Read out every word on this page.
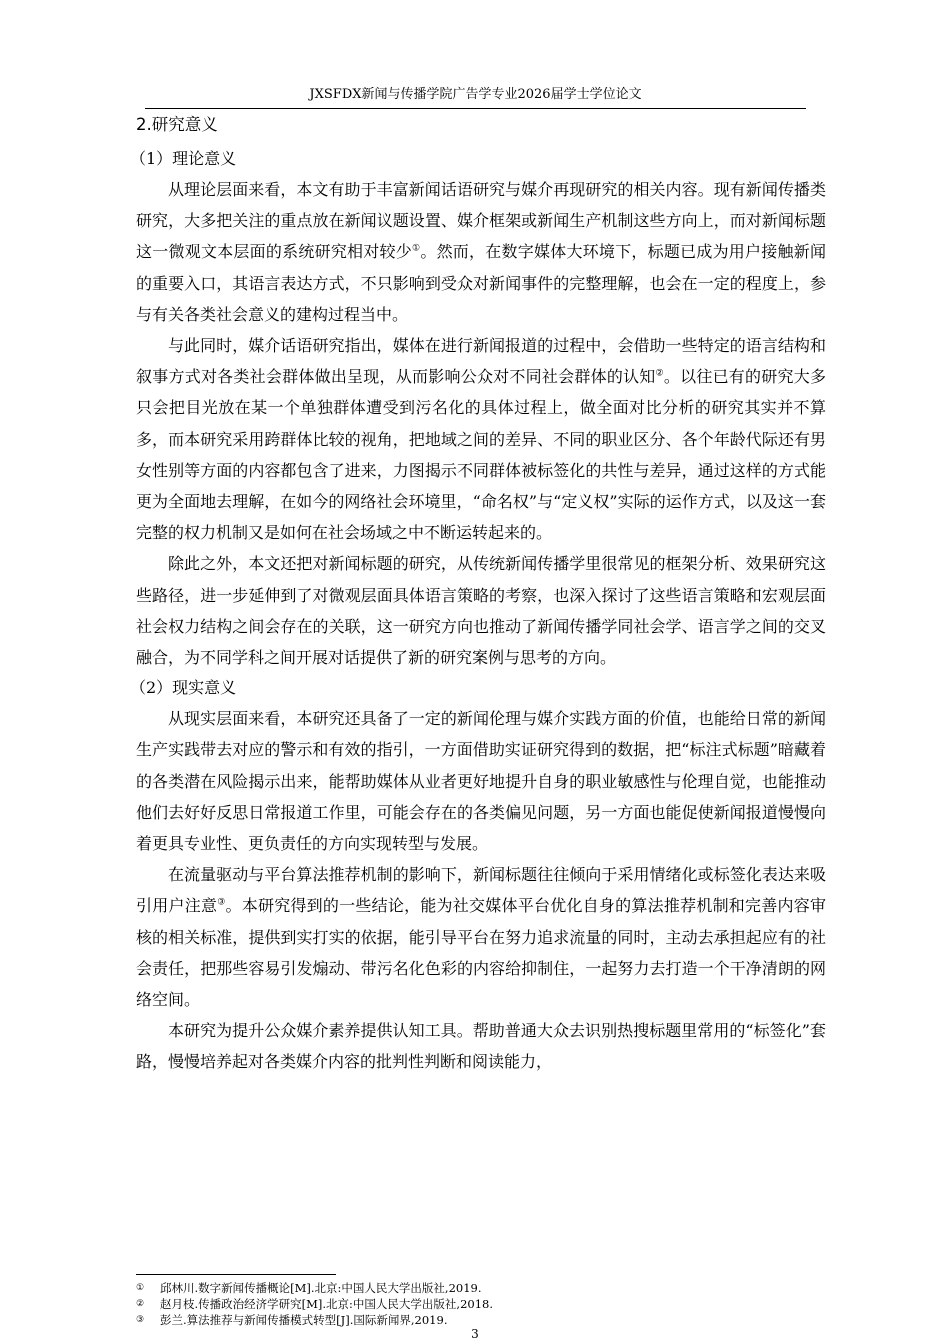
JXSFDX新闻与传播学院广告学专业2026届学士学位论文

2.研究意义

（1）理论意义

从理论层面来看，本文有助于丰富新闻话语研究与媒介再现研究的相关内容。现有新闻传播类研究，大多把关注的重点放在新闻议题设置、媒介框架或新闻生产机制这些方向上，而对新闻标题这一微观文本层面的系统研究相对较少①。然而，在数字媒体大环境下，标题已成为用户接触新闻的重要入口，其语言表达方式，不只影响到受众对新闻事件的完整理解，也会在一定的程度上，参与有关各类社会意义的建构过程当中。

与此同时，媒介话语研究指出，媒体在进行新闻报道的过程中，会借助一些特定的语言结构和叙事方式对各类社会群体做出呈现，从而影响公众对不同社会群体的认知②。以往已有的研究大多只会把目光放在某一个单独群体遭受到污名化的具体过程上，做全面对比分析的研究其实并不算多，而本研究采用跨群体比较的视角，把地域之间的差异、不同的职业区分、各个年龄代际还有男女性别等方面的内容都包含了进来，力图揭示不同群体被标签化的共性与差异，通过这样的方式能更为全面地去理解，在如今的网络社会环境里，“命名权”与“定义权”实际的运作方式，以及这一套完整的权力机制又是如何在社会场域之中不断运转起来的。

除此之外，本文还把对新闻标题的研究，从传统新闻传播学里很常见的框架分析、效果研究这些路径，进一步延伸到了对微观层面具体语言策略的考察，也深入探讨了这些语言策略和宏观层面社会权力结构之间会存在的关联，这一研究方向也推动了新闻传播学同社会学、语言学之间的交叉融合，为不同学科之间开展对话提供了新的研究案例与思考的方向。

（2）现实意义

从现实层面来看，本研究还具备了一定的新闻伦理与媒介实践方面的价值，也能给日常的新闻生产实践带去对应的警示和有效的指引，一方面借助实证研究得到的数据，把“标注式标题”暗藏着的各类潜在风险揭示出来，能帮助媒体从业者更好地提升自身的职业敏感性与伦理自觉，也能推动他们去好好反思日常报道工作里，可能会存在的各类偏见问题，另一方面也能促使新闻报道慢慢向着更具专业性、更负责任的方向实现转型与发展。

在流量驱动与平台算法推荐机制的影响下，新闻标题往往倾向于采用情绪化或标签化表达来吸引用户注意③。本研究得到的一些结论，能为社交媒体平台优化自身的算法推荐机制和完善内容审核的相关标准，提供到实打实的依据，能引导平台在努力追求流量的同时，主动去承担起应有的社会责任，把那些容易引发煽动、带污名化色彩的内容给抑制住，一起努力去打造一个干净清朗的网络空间。

本研究为提升公众媒介素养提供认知工具。帮助普通大众去识别热搜标题里常用的“标签化”套路，慢慢培养起对各类媒介内容的批判性判断和阅读能力，

① 邱林川.数字新闻传播概论[M].北京:中国人民大学出版社,2019.

② 赵月枝.传播政治经济学研究[M].北京:中国人民大学出版社,2018.

③ 彭兰.算法推荐与新闻传播模式转型[J].国际新闻界,2019.

3
